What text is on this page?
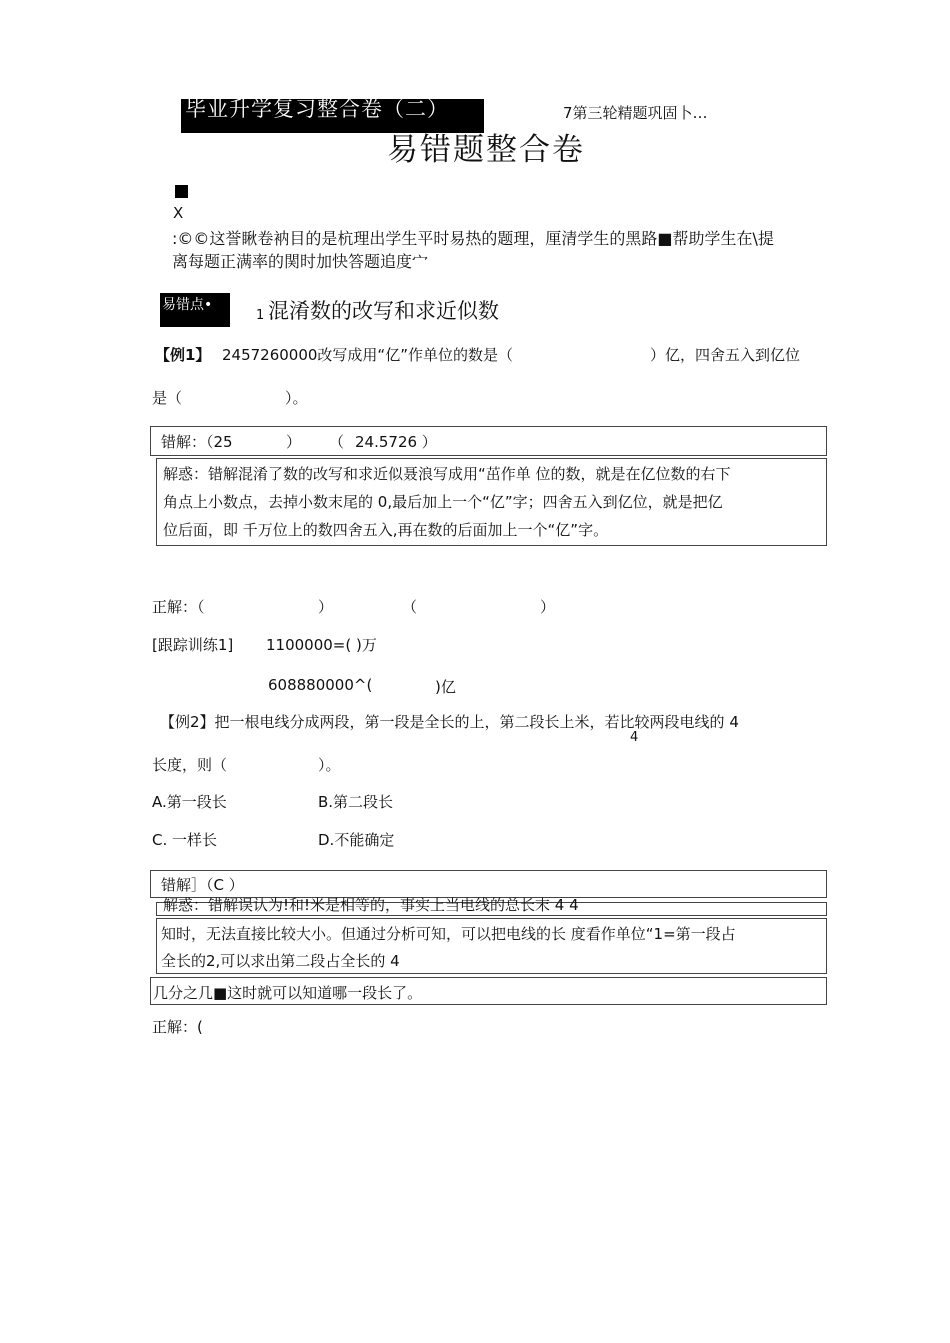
毕业升学复习整合卷（二）	7第三轮精题巩固卜…
易错题整合卷
X
:©©这誉瞅卷衲目的是杭理出学生平时易热的题理，厘清学生的黑路■帮助学生在\提
离每题正满率的関时加快答题追度宀
易错点•
1 混淆数的改写和求近似数
【例1】 2457260000改写成用“亿”作单位的数是（	）亿，四舍五入到亿位
是（	）。
错解：（25	） （ 24.5726 ）
解惑：错解混淆了数的改写和求近似聂浪写成用“茁作单 位的数，就是在亿位数的右下
角点上小数点，去掉小数末尾的 0,最后加上一个“亿”字；四舍五入到亿位，就是把亿
位后面，即 千万位上的数四舍五入,再在数的后面加上一个“亿”字。
正解：（	）	（	）
[跟踪训练1] 1100000=( )万
608880000^(	)亿
【例2】把一根电线分成两段，第一段是全长的上，第二段长上米，若比较两段电线的 4
4
长度，则（	）。
A.第一段长	B.第二段长
C. 一样长	D.不能确定
错解］（C ）
解惑：错解误认为!和!米是相等的，事实上当电线的总长末 4 4
知时，无法直接比较大小。但通过分析可知，可以把电线的长 度看作单位“1=第一段占
全长的2,可以求出第二段占全长的 4
几分之几■这时就可以知道哪一段长了。
正解：(
